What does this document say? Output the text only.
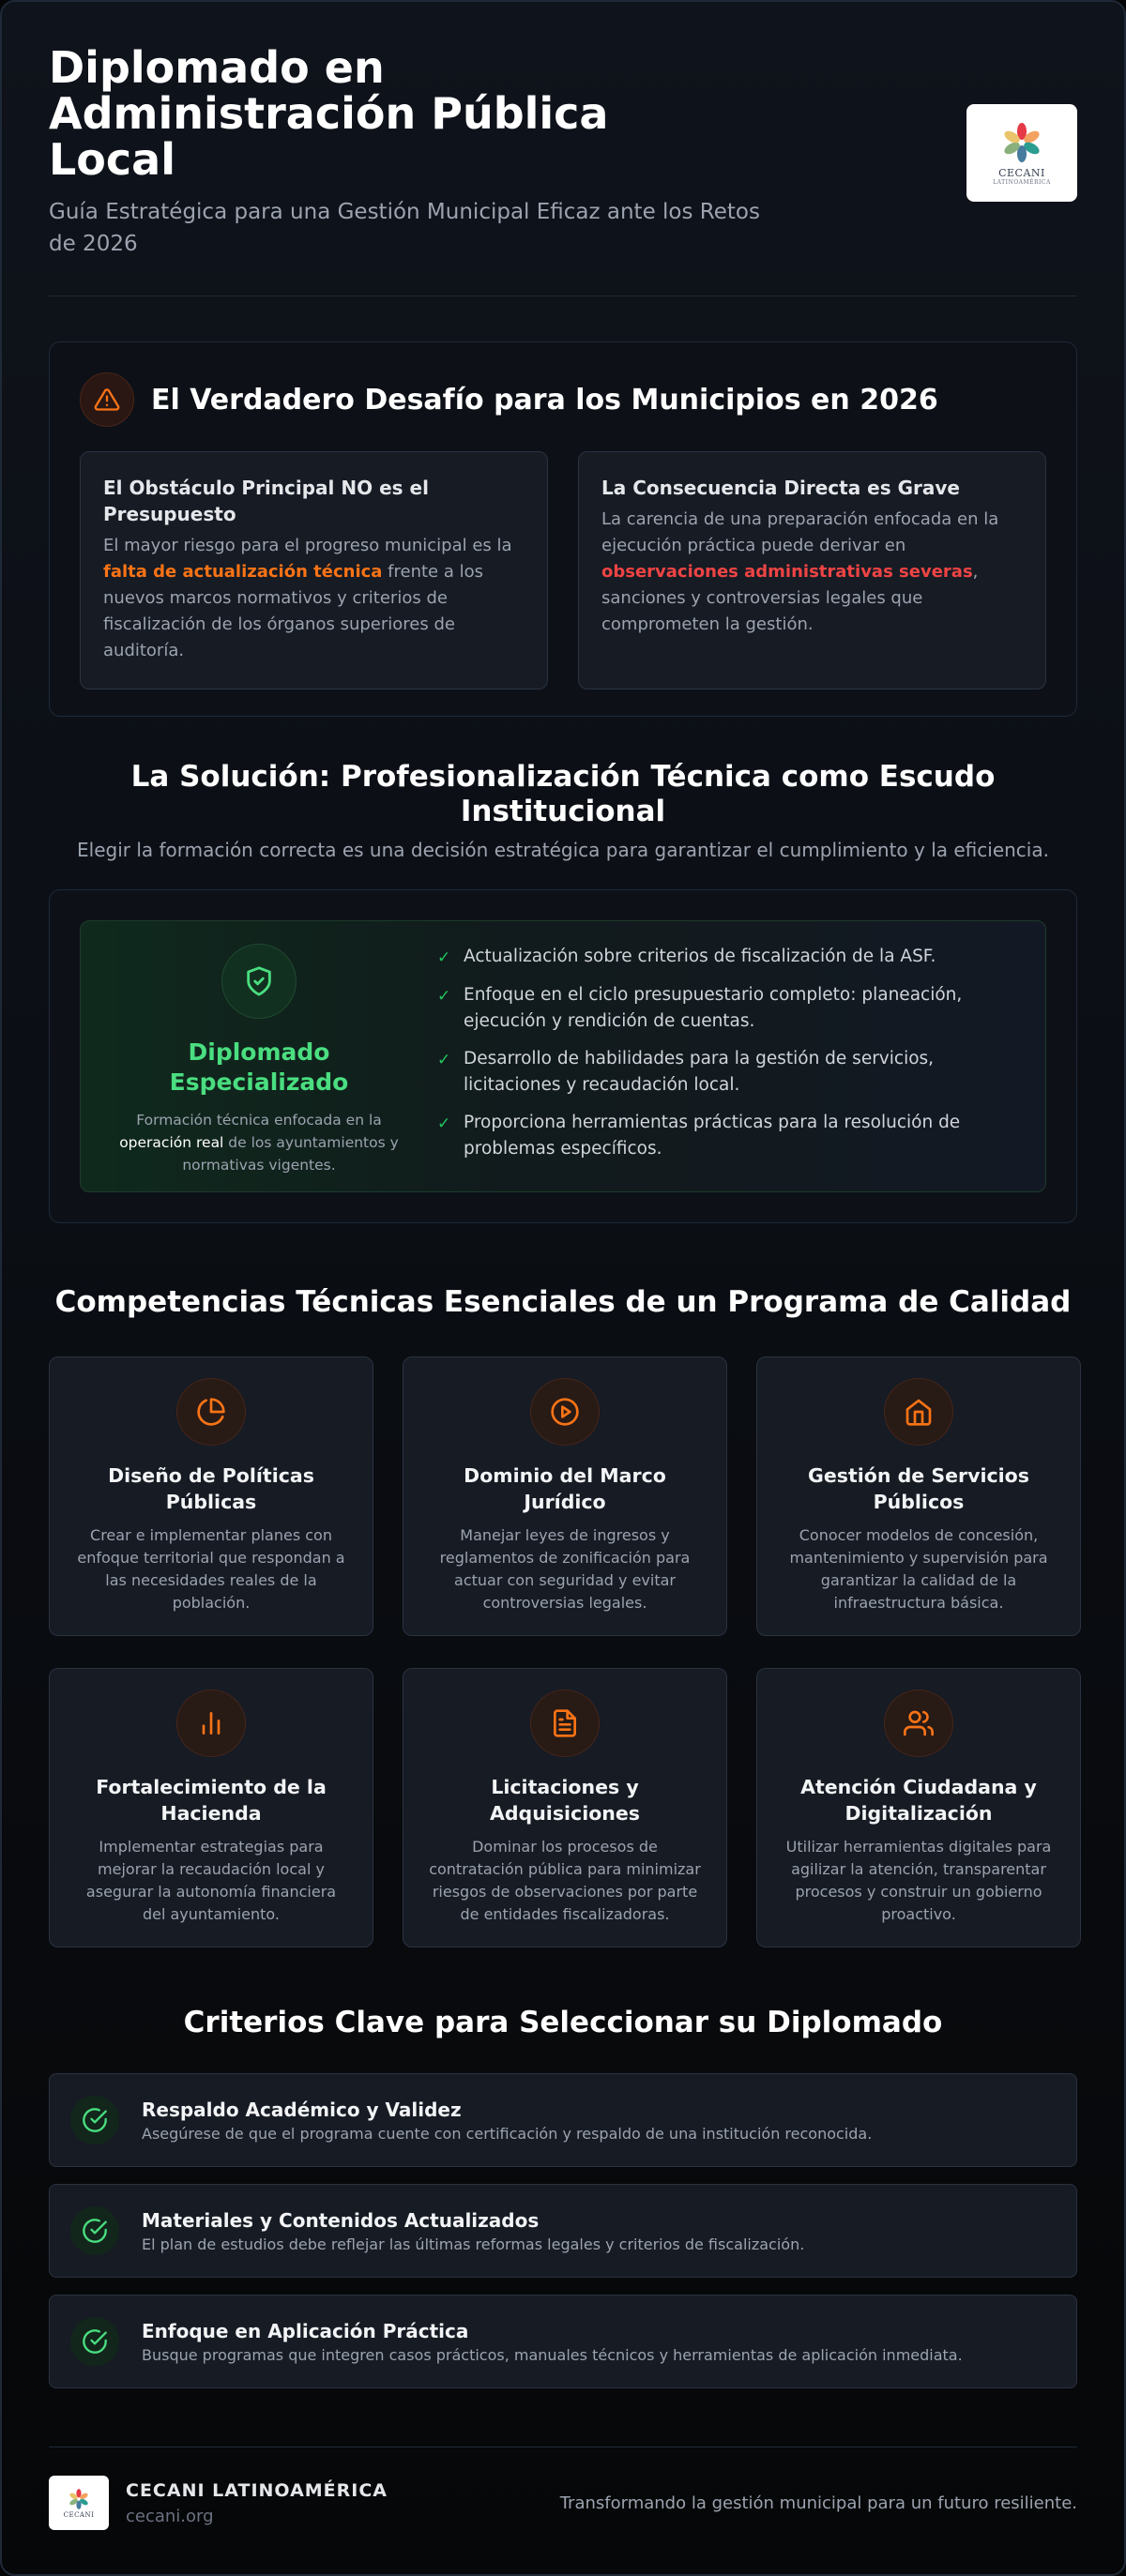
Diplomado en Administración Pública Local

Guía Estratégica para una Gestión Municipal Eficaz ante los Retos de 2026

CECANI
LATINOAMÉRICA
El Verdadero Desafío para los Municipios en 2026
El Obstáculo Principal NO es el Presupuesto

El mayor riesgo para el progreso municipal es la falta de actualización técnica frente a los nuevos marcos normativos y criterios de fiscalización de los órganos superiores de auditoría.

La Consecuencia Directa es Grave

La carencia de una preparación enfocada en la ejecución práctica puede derivar en observaciones administrativas severas, sanciones y controversias legales que comprometen la gestión.

La Solución: Profesionalización Técnica como Escudo Institucional

Elegir la formación correcta es una decisión estratégica para garantizar el cumplimiento y la eficiencia.

Diplomado Especializado

Formación técnica enfocada en la operación real de los ayuntamientos y normativas vigentes.

✓ Actualización sobre criterios de fiscalización de la ASF.
✓ Enfoque en el ciclo presupuestario completo: planeación, ejecución y rendición de cuentas.
✓ Desarrollo de habilidades para la gestión de servicios, licitaciones y recaudación local.
✓ Proporciona herramientas prácticas para la resolución de problemas específicos.
Competencias Técnicas Esenciales de un Programa de Calidad
Diseño de Políticas Públicas
Crear e implementar planes con enfoque territorial que respondan a las necesidades reales de la población.
Dominio del Marco Jurídico
Manejar leyes de ingresos y reglamentos de zonificación para actuar con seguridad y evitar controversias legales.
Gestión de Servicios Públicos
Conocer modelos de concesión, mantenimiento y supervisión para garantizar la calidad de la infraestructura básica.
Fortalecimiento de la Hacienda
Implementar estrategias para mejorar la recaudación local y asegurar la autonomía financiera del ayuntamiento.
Licitaciones y Adquisiciones
Dominar los procesos de contratación pública para minimizar riesgos de observaciones por parte de entidades fiscalizadoras.
Atención Ciudadana y Digitalización
Utilizar herramientas digitales para agilizar la atención, transparentar procesos y construir un gobierno proactivo.
Criterios Clave para Seleccionar su Diplomado
Respaldo Académico y Validez

Asegúrese de que el programa cuente con certificación y respaldo de una institución reconocida.

Materiales y Contenidos Actualizados

El plan de estudios debe reflejar las últimas reformas legales y criterios de fiscalización.

Enfoque en Aplicación Práctica

Busque programas que integren casos prácticos, manuales técnicos y herramientas de aplicación inmediata.

CECANI
CECANI LATINOAMÉRICA
cecani.org
Transformando la gestión municipal para un futuro resiliente.
